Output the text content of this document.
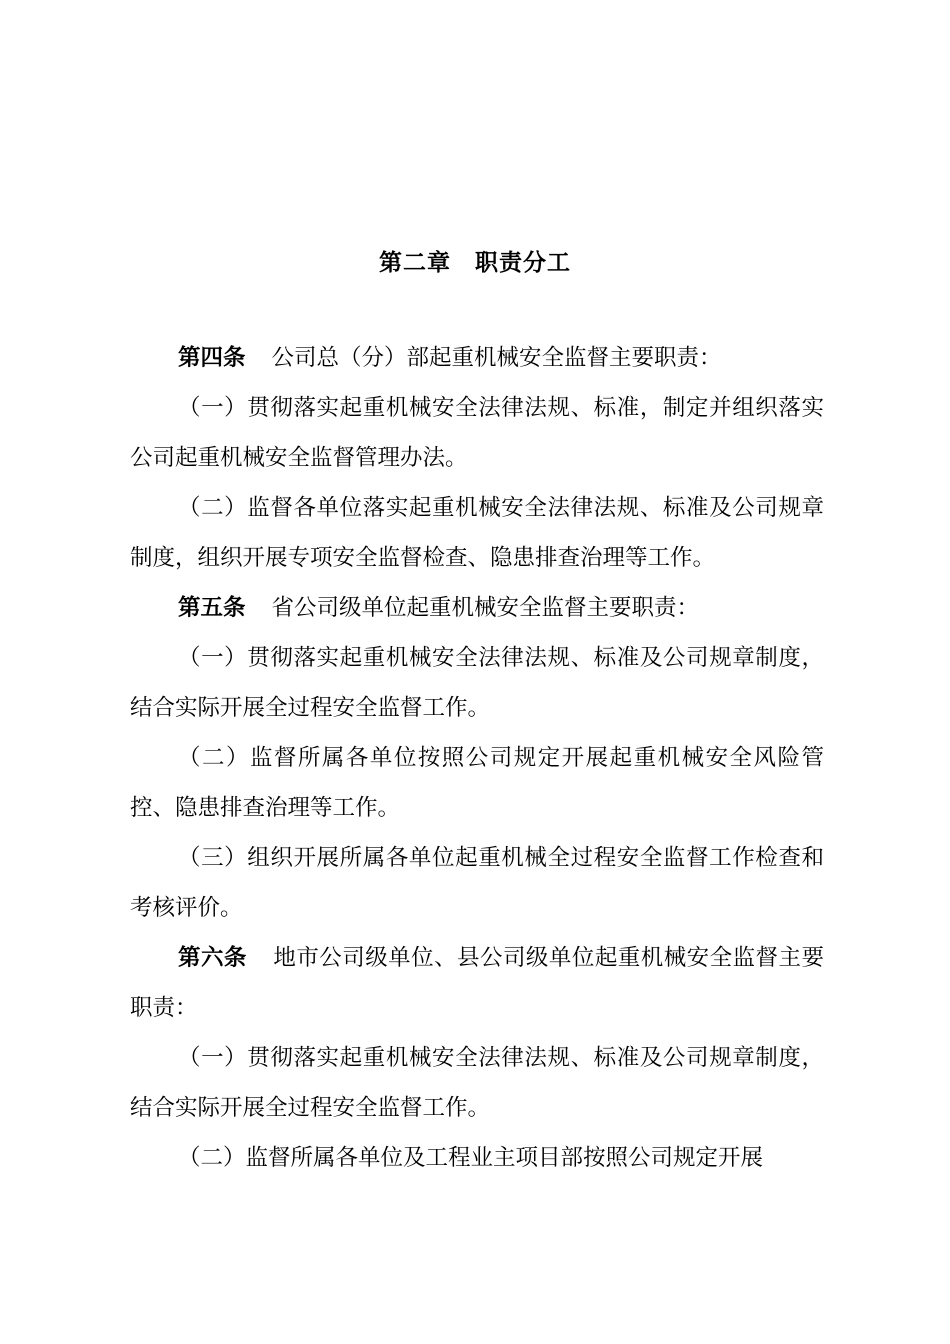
第二章　职责分工

第四条 公司总（分）部起重机械安全监督主要职责：

（一）贯彻落实起重机械安全法律法规、标准，制定并组织落实公司起重机械安全监督管理办法。

（二）监督各单位落实起重机械安全法律法规、标准及公司规章制度，组织开展专项安全监督检查、隐患排查治理等工作。

第五条 省公司级单位起重机械安全监督主要职责：

（一）贯彻落实起重机械安全法律法规、标准及公司规章制度，结合实际开展全过程安全监督工作。

（二）监督所属各单位按照公司规定开展起重机械安全风险管控、隐患排查治理等工作。

（三）组织开展所属各单位起重机械全过程安全监督工作检查和考核评价。

第六条 地市公司级单位、县公司级单位起重机械安全监督主要职责：

（一）贯彻落实起重机械安全法律法规、标准及公司规章制度，结合实际开展全过程安全监督工作。

（二）监督所属各单位及工程业主项目部按照公司规定开展
